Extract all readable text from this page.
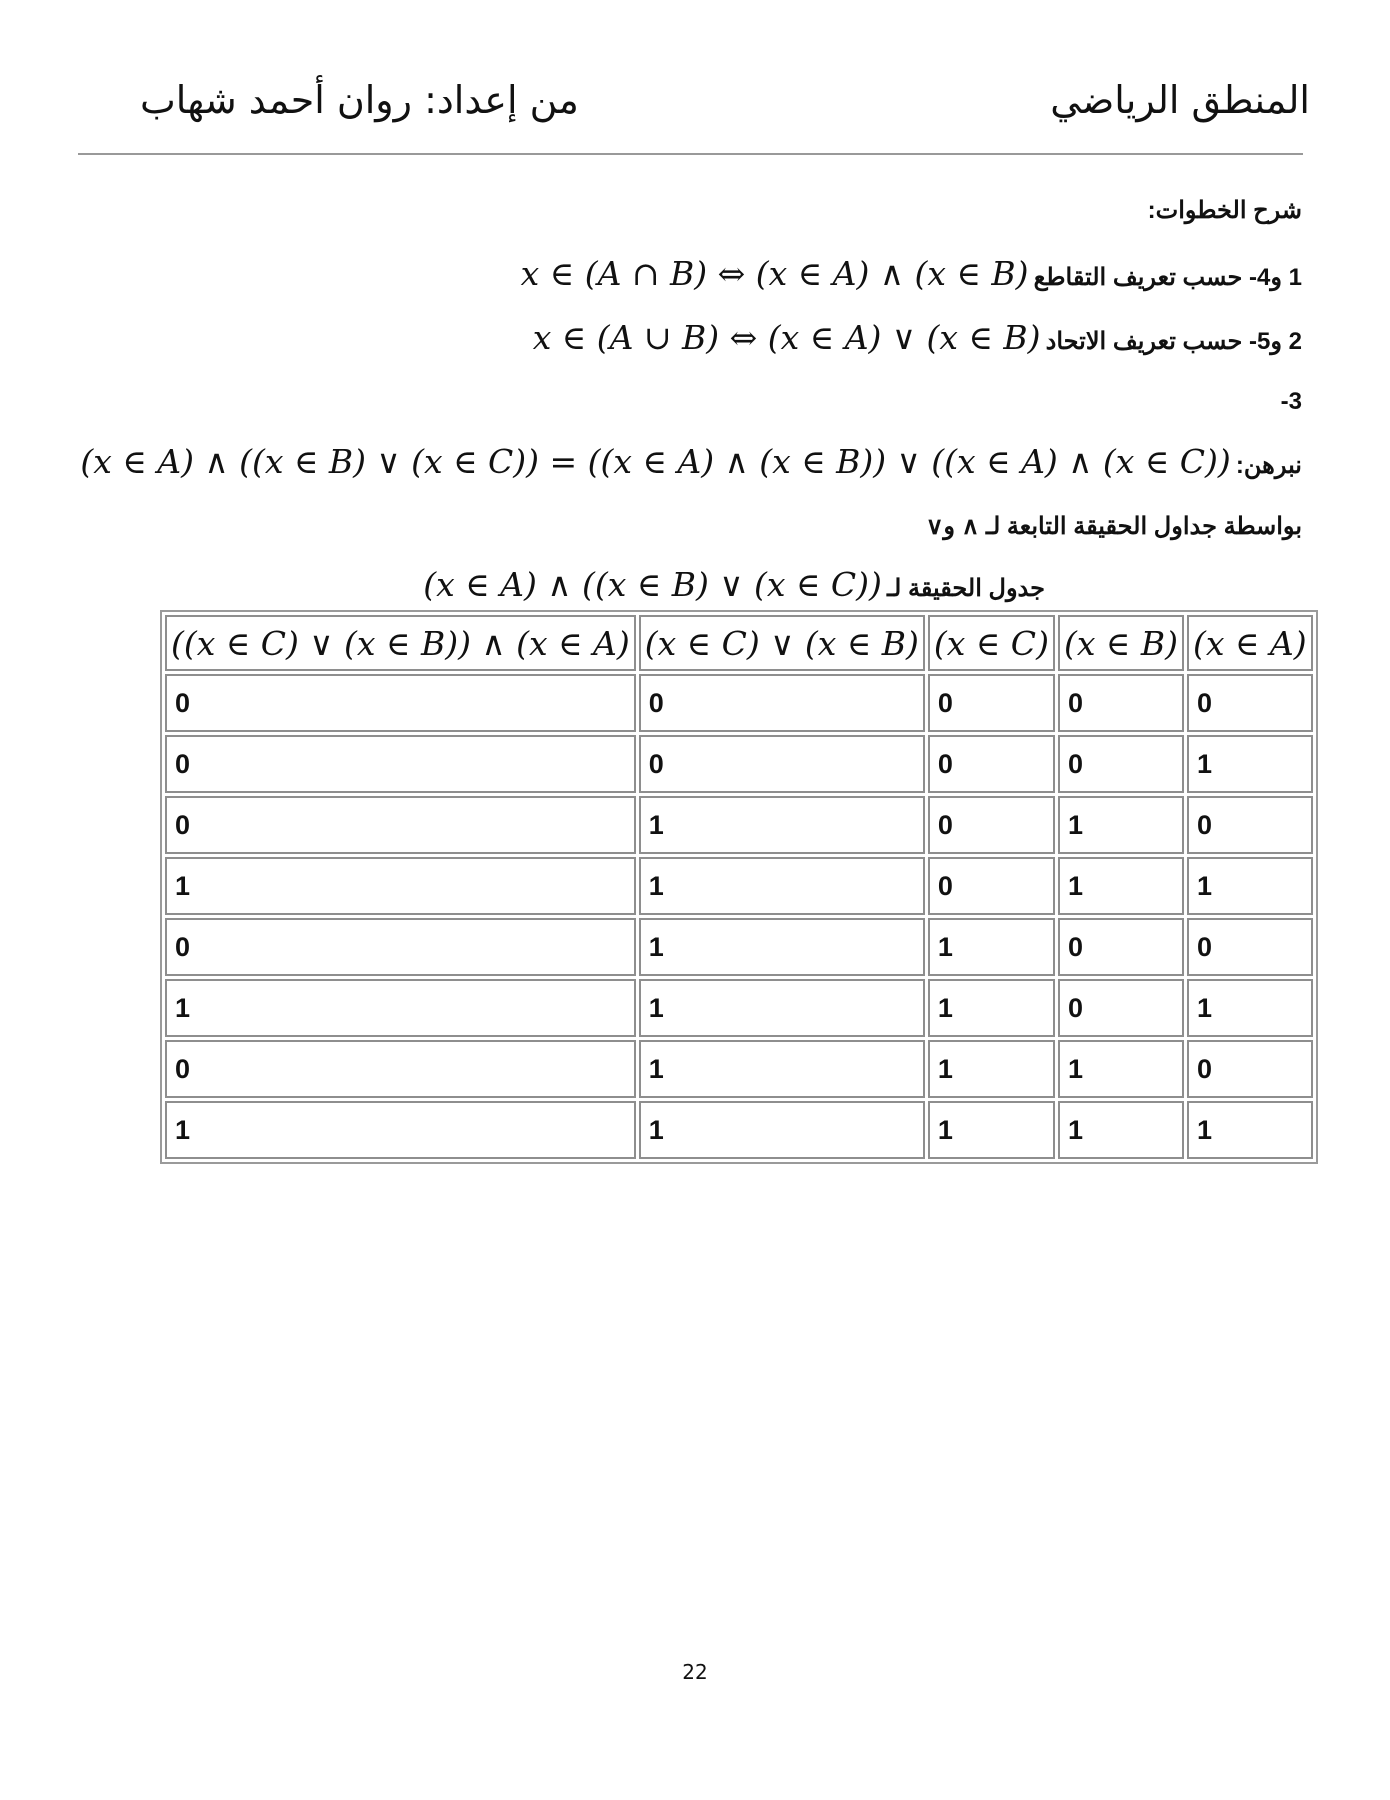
المنطق الرياضي
من إعداد: روان أحمد شهاب
شرح الخطوات:
1 و4- حسب تعريف التقاطع x ∈ (A ∩ B) ⇔ (x ∈ A) ∧ (x ∈ B)
2 و5- حسب تعريف الاتحاد x ∈ (A ∪ B) ⇔ (x ∈ A) ∨ (x ∈ B)
3-
نبرهن: (x ∈ A) ∧ ((x ∈ B) ∨ (x ∈ C)) = ((x ∈ A) ∧ (x ∈ B)) ∨ ((x ∈ A) ∧ (x ∈ C))
بواسطة جداول الحقيقة التابعة لـ ∧ و∨
جدول الحقيقة لـ (x ∈ A) ∧ ((x ∈ B) ∨ (x ∈ C))
(x ∈ A)	(x ∈ B)	(x ∈ C)	(x ∈ B) ∨ (x ∈ C)	(x ∈ A) ∧ ((x ∈ B) ∨ (x ∈ C))
0	0	0	0	0
1	0	0	0	0
0	1	0	1	0
1	1	0	1	1
0	0	1	1	0
1	0	1	1	1
0	1	1	1	0
1	1	1	1	1
22
